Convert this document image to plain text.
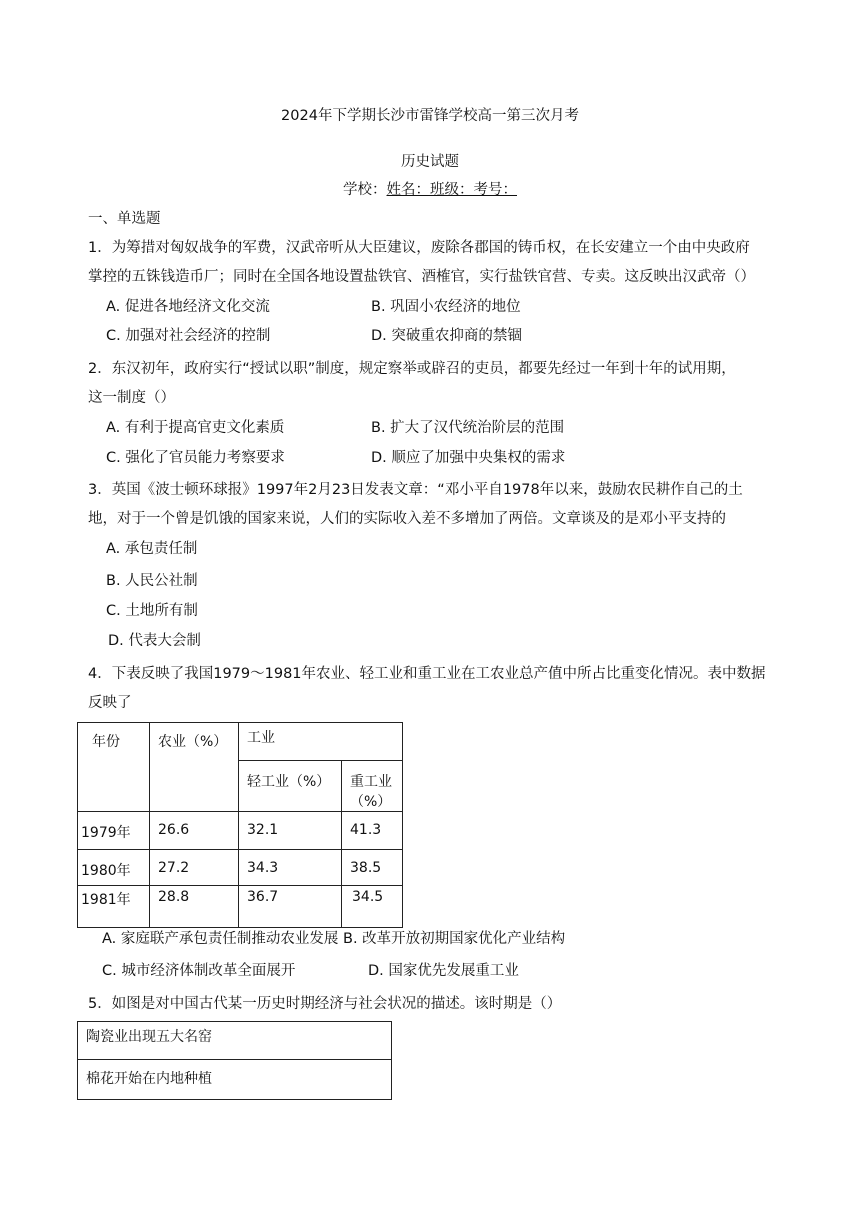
2024年下学期长沙市雷锋学校高一第三次月考
历史试题
学校：姓名：班级：考号：
一、单选题
1．为筹措对匈奴战争的军费，汉武帝听从大臣建议，废除各郡国的铸币权，在长安建立一个由中央政府
掌控的五铢钱造币厂；同时在全国各地设置盐铁官、酒榷官，实行盐铁官营、专卖。这反映出汉武帝（）
A. 促进各地经济文化交流	B. 巩固小农经济的地位
C. 加强对社会经济的控制	D. 突破重农抑商的禁锢
2．东汉初年，政府实行“授试以职”制度，规定察举或辟召的吏员，都要先经过一年到十年的试用期，
这一制度（）
A. 有利于提高官吏文化素质	B. 扩大了汉代统治阶层的范围
C. 强化了官员能力考察要求	D. 顺应了加强中央集权的需求
3．英国《波士顿环球报》1997年2月23日发表文章：“邓小平自1978年以来，鼓励农民耕作自己的土
地，对于一个曾是饥饿的国家来说，人们的实际收入差不多增加了两倍。文章谈及的是邓小平支持的
A. 承包责任制
B. 人民公社制
C. 土地所有制
D. 代表大会制
4．下表反映了我国1979～1981年农业、轻工业和重工业在工农业总产值中所占比重变化情况。表中数据
反映了
年份	农业（%）	工业	
		轻工业（%）	重工业（%）
1979年	26.6	32.1	41.3
1980年	27.2	34.3	38.5
1981年	28.8	36.7	34.5
A. 家庭联产承包责任制推动农业发展 B. 改革开放初期国家优化产业结构
C. 城市经济体制改革全面展开	D. 国家优先发展重工业
5．如图是对中国古代某一历史时期经济与社会状况的描述。该时期是（）
陶瓷业出现五大名窑
棉花开始在内地种植
